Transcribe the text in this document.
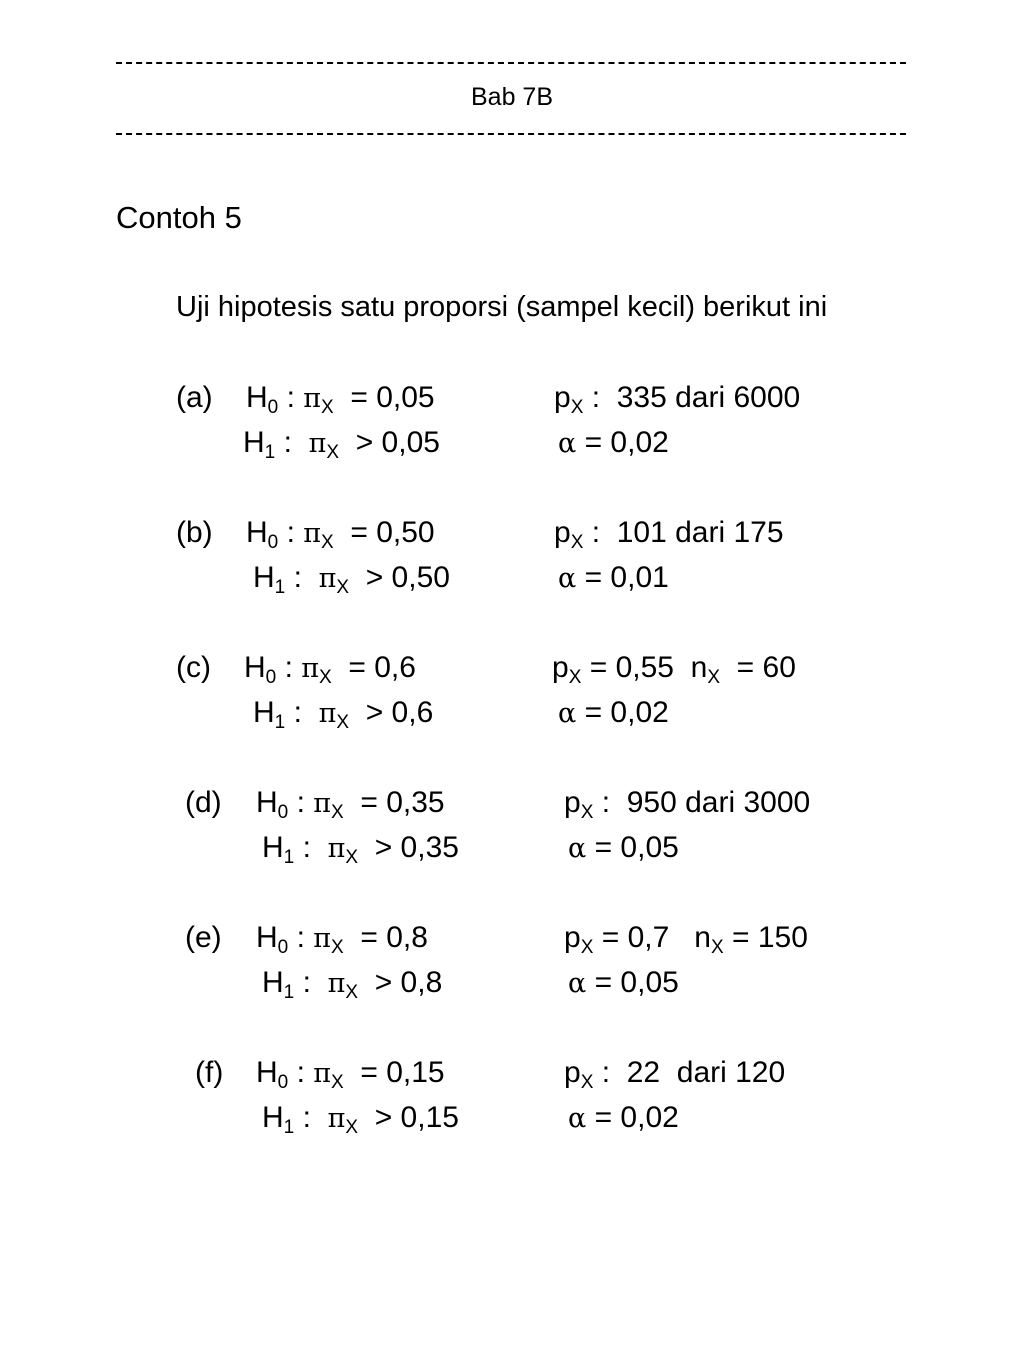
Bab 7B
Contoh 5
Uji hipotesis satu proporsi (sampel kecil) berikut ini
(a) $H_0$ : $\pi_X = 0,05$	$p_X$ :  335 dari 6000
$H_1$ :  $\pi_X > 0,05$	α = 0,02
(b) $H_0$ : $\pi_X = 0,50$	$p_X$ :  101 dari 175
$H_1$ :  $\pi_X > 0,50$	α = 0,01
(c) $H_0$ : $\pi_X = 0,6$	$p_X = 0,55$  $n_X = 60$
$H_1$ :  $\pi_X > 0,6$	α = 0,02
(d) $H_0$ : $\pi_X = 0,35$	$p_X$ :  950 dari 3000
$H_1$ :  $\pi_X > 0,35$	α = 0,05
(e) $H_0$ : $\pi_X = 0,8$	$p_X = 0,7$   $n_X = 150$
$H_1$ :  $\pi_X > 0,8$	α = 0,05
(f) $H_0$ : $\pi_X = 0,15$	$p_X$ :  22  dari 120
$H_1$ :  $\pi_X > 0,15$	α = 0,02
